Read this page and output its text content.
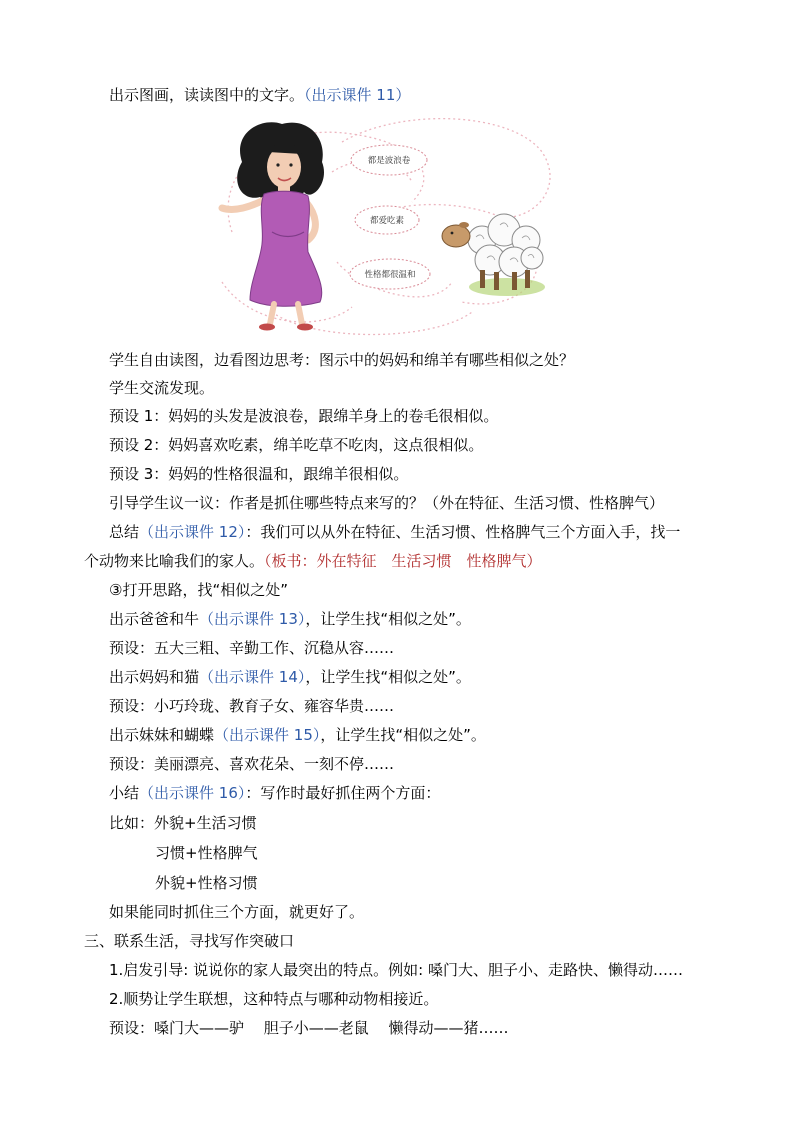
出示图画，读读图中的文字。（出示课件 11）
都是波浪卷
都爱吃素
性格都很温和
学生自由读图，边看图边思考：图示中的妈妈和绵羊有哪些相似之处？
学生交流发现。
预设 1：妈妈的头发是波浪卷，跟绵羊身上的卷毛很相似。
预设 2：妈妈喜欢吃素，绵羊吃草不吃肉，这点很相似。
预设 3：妈妈的性格很温和，跟绵羊很相似。
引导学生议一议：作者是抓住哪些特点来写的？（外在特征、生活习惯、性格脾气）
总结（出示课件 12）：我们可以从外在特征、生活习惯、性格脾气三个方面入手，找一
个动物来比喻我们的家人。（板书：外在特征　生活习惯　性格脾气）
③打开思路，找“相似之处”
出示爸爸和牛（出示课件 13），让学生找“相似之处”。
预设：五大三粗、辛勤工作、沉稳从容……
出示妈妈和猫（出示课件 14），让学生找“相似之处”。
预设：小巧玲珑、教育子女、雍容华贵……
出示妹妹和蝴蝶（出示课件 15），让学生找“相似之处”。
预设：美丽漂亮、喜欢花朵、一刻不停……
小结（出示课件 16）：写作时最好抓住两个方面：
比如：外貌+生活习惯
习惯+性格脾气
外貌+性格习惯
如果能同时抓住三个方面，就更好了。
三、联系生活，寻找写作突破口
1.启发引导: 说说你的家人最突出的特点。例如: 嗓门大、胆子小、走路快、懒得动……
2.顺势让学生联想，这种特点与哪种动物相接近。
预设：嗓门大——驴　 胆子小——老鼠　 懒得动——猪……
